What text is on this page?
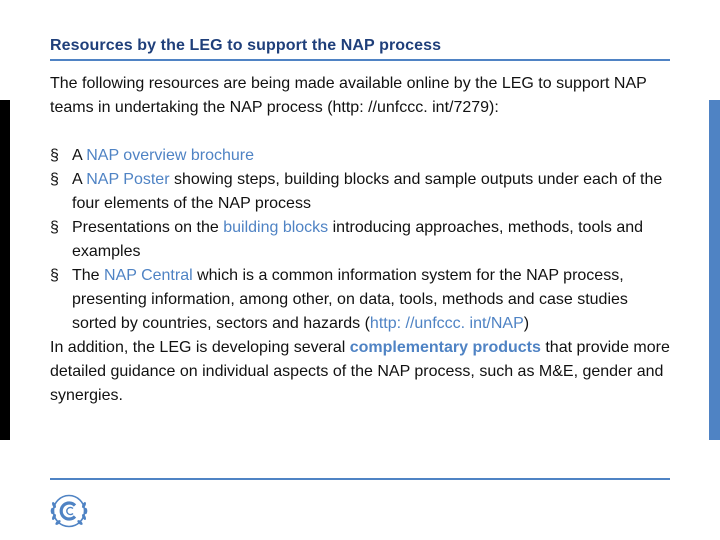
Resources by the LEG to support the NAP process

The following resources are being made available online by the LEG to support NAP teams in undertaking the NAP process (http: //unfccc. int/7279):

§ A NAP overview brochure
§ A NAP Poster showing steps, building blocks and sample outputs under each of the four elements of the NAP process
§ Presentations on the building blocks introducing approaches, methods, tools and examples
§ The NAP Central which is a common information system for the NAP process, presenting information, among other, on data, tools, methods and case studies sorted by countries, sectors and hazards (http: //unfccc. int/NAP)

In addition, the LEG is developing several complementary products that provide more detailed guidance on individual aspects of the NAP process, such as M&E, gender and synergies.
